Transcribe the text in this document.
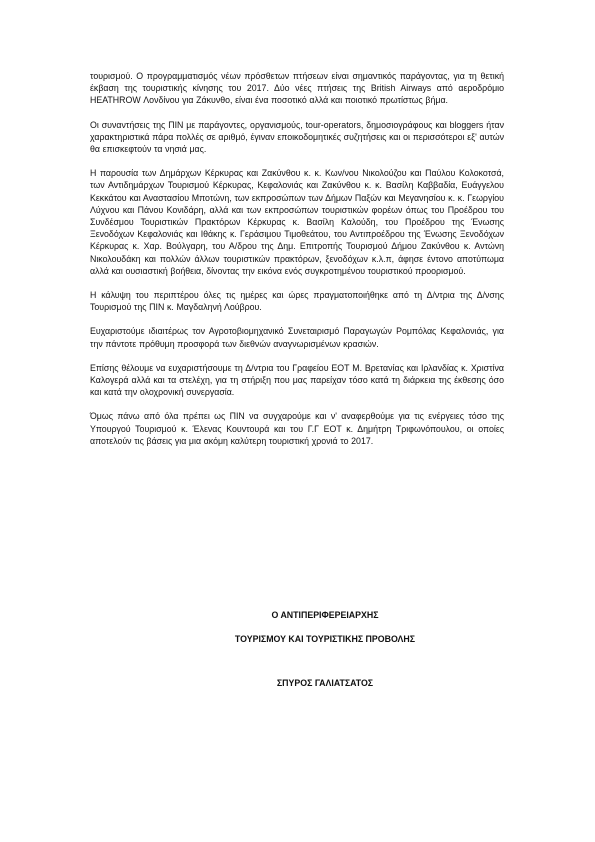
τουρισμού. Ο προγραμματισμός νέων πρόσθετων πτήσεων είναι σημαντικός παράγοντας, για τη θετική έκβαση της τουριστικής κίνησης του 2017. Δύο νέες πτήσεις της British Airways από αεροδρόμιο HEATHROW Λονδίνου για Ζάκυνθο, είναι ένα ποσοτικό αλλά και ποιοτικό πρωτίστως βήμα.

Οι συναντήσεις της ΠΙΝ με παράγοντες, οργανισμούς, tour-operators, δημοσιογράφους και bloggers ήταν χαρακτηριστικά πάρα πολλές σε αριθμό, έγιναν εποικοδομητικές συζητήσεις και οι περισσότεροι εξ' αυτών θα επισκεφτούν τα νησιά μας.

Η παρουσία των Δημάρχων Κέρκυρας και Ζακύνθου κ. κ. Κων/νου Νικολούζου και Παύλου Κολοκοτσά, των Αντιδημάρχων Τουρισμού Κέρκυρας, Κεφαλονιάς και Ζακύνθου κ. κ. Βασίλη Καββαδία, Ευάγγελου Κεκκάτου και Αναστασίου Μποτώνη, των εκπροσώπων των Δήμων Παξών και Μεγανησίου κ. κ. Γεωργίου Λύχνου και Πάνου Κονιδάρη, αλλά και των εκπροσώπων τουριστικών φορέων όπως του Προέδρου του Συνδέσμου Τουριστικών Πρακτόρων Κέρκυρας κ. Βασίλη Καλούδη, του Προέδρου της Ένωσης Ξενοδόχων Κεφαλονιάς και Ιθάκης κ. Γεράσιμου Τιμοθεάτου, του Αντιπροέδρου της Ένωσης Ξενοδόχων Κέρκυρας κ. Χαρ. Βούλγαρη, του Α/δρου της Δημ. Επιτροπής Τουρισμού Δήμου Ζακύνθου κ. Αντώνη Νικολουδάκη και πολλών άλλων τουριστικών πρακτόρων, ξενοδόχων κ.λ.π, άφησε έντονο αποτύπωμα αλλά και ουσιαστική βοήθεια, δίνοντας την εικόνα ενός συγκροτημένου τουριστικού προορισμού.

Η κάλυψη του περιπτέρου όλες τις ημέρες και ώρες πραγματοποιήθηκε από τη Δ/ντρια της Δ/νσης Τουρισμού της ΠΙΝ κ. Μαγδαληνή Λούβρου.

Ευχαριστούμε ιδιαιτέρως τον Αγροτοβιομηχανικό Συνεταιρισμό Παραγωγών Ρομπόλας Κεφαλονιάς, για την πάντοτε πρόθυμη προσφορά των διεθνών αναγνωρισμένων κρασιών.

Επίσης θέλουμε να ευχαριστήσουμε τη Δ/ντρια του Γραφείου ΕΟΤ Μ. Βρετανίας και Ιρλανδίας κ. Χριστίνα Καλογερά αλλά και τα στελέχη, για τη στήριξη που μας παρείχαν τόσο κατά τη διάρκεια της έκθεσης όσο και κατά την ολοχρονική συνεργασία.

Όμως πάνω από όλα πρέπει ως ΠΙΝ να συγχαρούμε και ν' αναφερθούμε για τις ενέργειες τόσο της Υπουργού Τουρισμού κ. Έλενας Κουντουρά και του Γ.Γ ΕΟΤ κ. Δημήτρη Τριφωνόπουλου, οι οποίες αποτελούν τις βάσεις για μια ακόμη καλύτερη τουριστική χρονιά το 2017.

Ο ΑΝΤΙΠΕΡΙΦΕΡΕΙΑΡΧΗΣ
ΤΟΥΡΙΣΜΟΥ ΚΑΙ ΤΟΥΡΙΣΤΙΚΗΣ ΠΡΟΒΟΛΗΣ
ΣΠΥΡΟΣ ΓΑΛΙΑΤΣΑΤΟΣ
